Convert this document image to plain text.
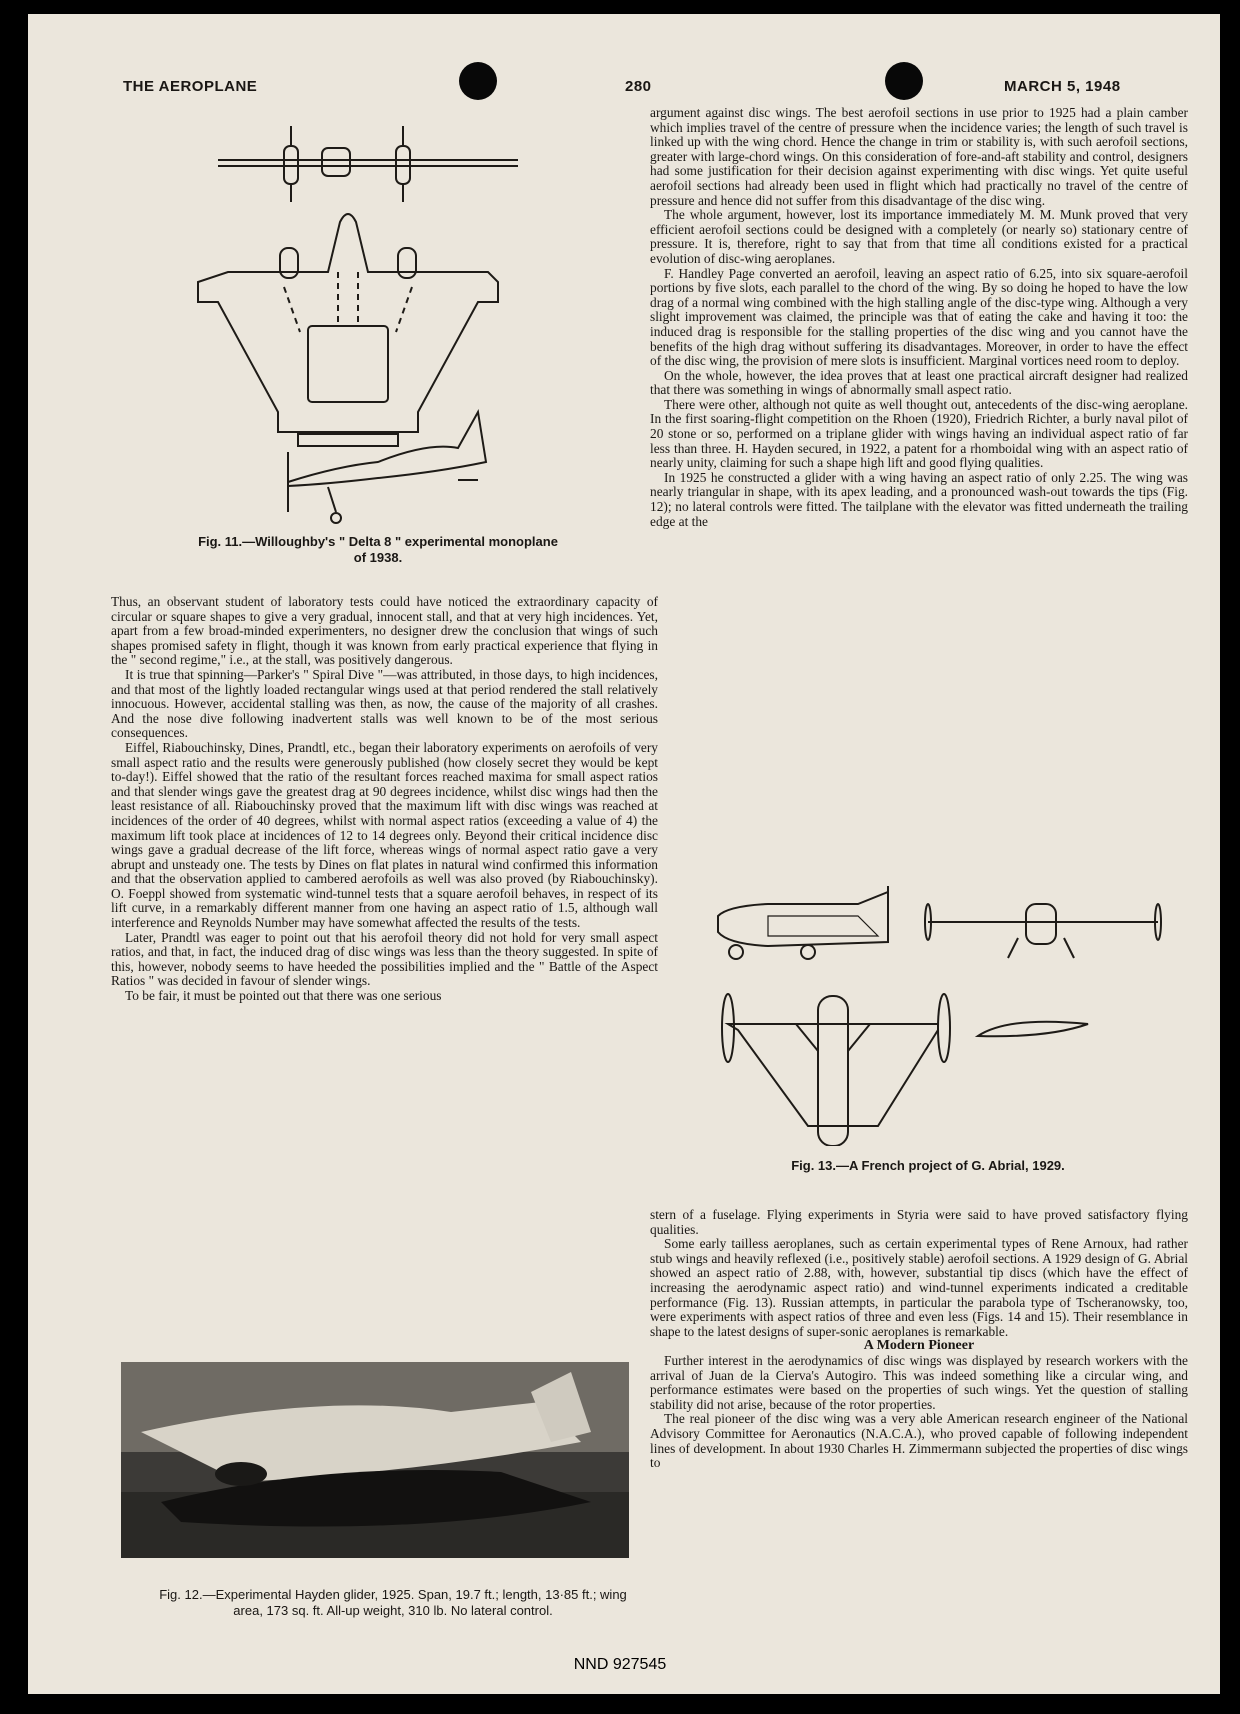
THE AEROPLANE	280	MARCH 5, 1948
Fig. 11.—Willoughby's " Delta 8 " experimental monoplane of 1938.

Thus, an observant student of laboratory tests could have noticed the extraordinary capacity of circular or square shapes to give a very gradual, innocent stall, and that at very high incidences. Yet, apart from a few broad-minded experimenters, no designer drew the conclusion that wings of such shapes promised safety in flight, though it was known from early practical experience that flying in the " second regime," i.e., at the stall, was positively dangerous.

It is true that spinning—Parker's " Spiral Dive "—was attributed, in those days, to high incidences, and that most of the lightly loaded rectangular wings used at that period rendered the stall relatively innocuous. However, accidental stalling was then, as now, the cause of the majority of all crashes. And the nose dive following inadvertent stalls was well known to be of the most serious consequences.

Eiffel, Riabouchinsky, Dines, Prandtl, etc., began their laboratory experiments on aerofoils of very small aspect ratio and the results were generously published (how closely secret they would be kept to-day!). Eiffel showed that the ratio of the resultant forces reached maxima for small aspect ratios and that slender wings gave the greatest drag at 90 degrees incidence, whilst disc wings had then the least resistance of all. Riabouchinsky proved that the maximum lift with disc wings was reached at incidences of the order of 40 degrees, whilst with normal aspect ratios (exceeding a value of 4) the maximum lift took place at incidences of 12 to 14 degrees only. Beyond their critical incidence disc wings gave a gradual decrease of the lift force, whereas wings of normal aspect ratio gave a very abrupt and unsteady one. The tests by Dines on flat plates in natural wind confirmed this information and that the observation applied to cambered aerofoils as well was also proved (by Riabouchinsky). O. Foeppl showed from systematic wind-tunnel tests that a square aerofoil behaves, in respect of its lift curve, in a remarkably different manner from one having an aspect ratio of 1.5, although wall interference and Reynolds Number may have somewhat affected the results of the tests.

Later, Prandtl was eager to point out that his aerofoil theory did not hold for very small aspect ratios, and that, in fact, the induced drag of disc wings was less than the theory suggested. In spite of this, however, nobody seems to have heeded the possibilities implied and the " Battle of the Aspect Ratios " was decided in favour of slender wings.

To be fair, it must be pointed out that there was one serious

Fig. 12.—Experimental Hayden glider, 1925. Span, 19.7 ft.; length, 13·85 ft.; wing area, 173 sq. ft. All-up weight, 310 lb. No lateral control.

argument against disc wings. The best aerofoil sections in use prior to 1925 had a plain camber which implies travel of the centre of pressure when the incidence varies; the length of such travel is linked up with the wing chord. Hence the change in trim or stability is, with such aerofoil sections, greater with large-chord wings. On this consideration of fore-and-aft stability and control, designers had some justification for their decision against experimenting with disc wings. Yet quite useful aerofoil sections had already been used in flight which had practically no travel of the centre of pressure and hence did not suffer from this disadvantage of the disc wing.

The whole argument, however, lost its importance immediately M. M. Munk proved that very efficient aerofoil sections could be designed with a completely (or nearly so) stationary centre of pressure. It is, therefore, right to say that from that time all conditions existed for a practical evolution of disc-wing aeroplanes.

F. Handley Page converted an aerofoil, leaving an aspect ratio of 6.25, into six square-aerofoil portions by five slots, each parallel to the chord of the wing. By so doing he hoped to have the low drag of a normal wing combined with the high stalling angle of the disc-type wing. Although a very slight improvement was claimed, the principle was that of eating the cake and having it too: the induced drag is responsible for the stalling properties of the disc wing and you cannot have the benefits of the high drag without suffering its disadvantages. Moreover, in order to have the effect of the disc wing, the provision of mere slots is insufficient. Marginal vortices need room to deploy.

On the whole, however, the idea proves that at least one practical aircraft designer had realized that there was something in wings of abnormally small aspect ratio.

There were other, although not quite as well thought out, antecedents of the disc-wing aeroplane. In the first soaring-flight competition on the Rhoen (1920), Friedrich Richter, a burly naval pilot of 20 stone or so, performed on a triplane glider with wings having an individual aspect ratio of far less than three. H. Hayden secured, in 1922, a patent for a rhomboidal wing with an aspect ratio of nearly unity, claiming for such a shape high lift and good flying qualities.

In 1925 he constructed a glider with a wing having an aspect ratio of only 2.25. The wing was nearly triangular in shape, with its apex leading, and a pronounced wash-out towards the tips (Fig. 12); no lateral controls were fitted. The tailplane with the elevator was fitted underneath the trailing edge at the

Fig. 13.—A French project of G. Abrial, 1929.

stern of a fuselage. Flying experiments in Styria were said to have proved satisfactory flying qualities.

Some early tailless aeroplanes, such as certain experimental types of Rene Arnoux, had rather stub wings and heavily reflexed (i.e., positively stable) aerofoil sections. A 1929 design of G. Abrial showed an aspect ratio of 2.88, with, however, substantial tip discs (which have the effect of increasing the aerodynamic aspect ratio) and wind-tunnel experiments indicated a creditable performance (Fig. 13). Russian attempts, in particular the parabola type of Tscheranowsky, too, were experiments with aspect ratios of three and even less (Figs. 14 and 15). Their resemblance in shape to the latest designs of super-sonic aeroplanes is remarkable.

A Modern Pioneer

Further interest in the aerodynamics of disc wings was displayed by research workers with the arrival of Juan de la Cierva's Autogiro. This was indeed something like a circular wing, and performance estimates were based on the properties of such wings. Yet the question of stalling stability did not arise, because of the rotor properties.

The real pioneer of the disc wing was a very able American research engineer of the National Advisory Committee for Aeronautics (N.A.C.A.), who proved capable of following independent lines of development. In about 1930 Charles H. Zimmermann subjected the properties of disc wings to

NND 927545
